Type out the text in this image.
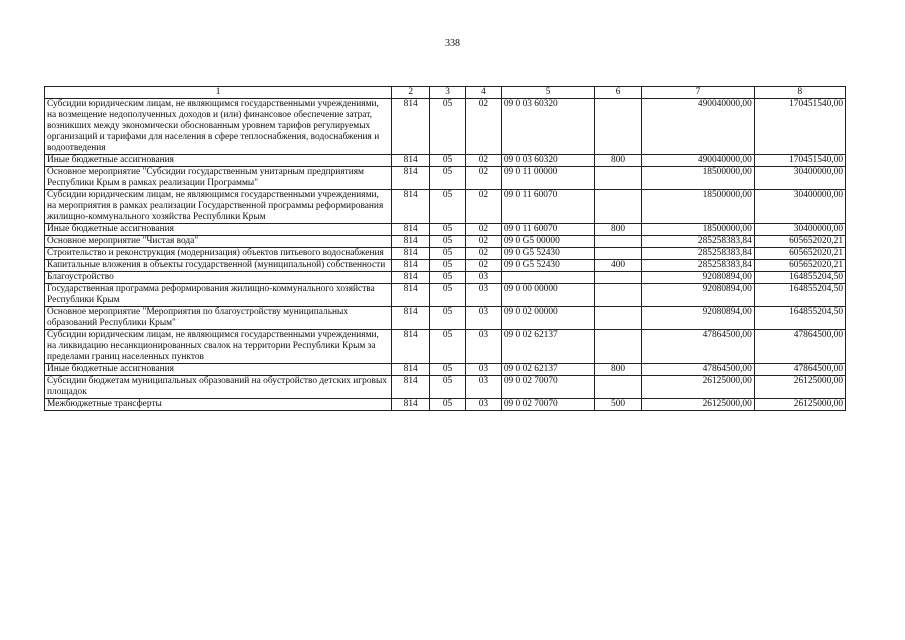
338
1	2	3	4	5	6	7	8
Субсидии юридическим лицам, не являющимся государственными учреждениями, на возмещение недополученных доходов и (или) финансовое обеспечение затрат, возникших между экономически обоснованным уровнем тарифов регулируемых организаций и тарифами для населения в сфере теплоснабжения, водоснабжения и водоотведения	814	05	02	09 0 03 60320		490040000,00	170451540,00
Иные бюджетные ассигнования	814	05	02	09 0 03 60320	800	490040000,00	170451540,00
Основное мероприятие "Субсидии государственным унитарным предприятиям Республики Крым в рамках реализации Программы"	814	05	02	09 0 11 00000		18500000,00	30400000,00
Субсидии юридическим лицам, не являющимся государственными учреждениями, на мероприятия в рамках реализации Государственной программы реформирования жилищно-коммунального хозяйства Республики Крым	814	05	02	09 0 11 60070		18500000,00	30400000,00
Иные бюджетные ассигнования	814	05	02	09 0 11 60070	800	18500000,00	30400000,00
Основное мероприятие "Чистая вода"	814	05	02	09 0 G5 00000		285258383,84	605652020,21
Строительство и реконструкция (модернизация) объектов питьевого водоснабжения	814	05	02	09 0 G5 52430		285258383,84	605652020,21
Капитальные вложения в объекты государственной (муниципальной) собственности	814	05	02	09 0 G5 52430	400	285258383,84	605652020,21
Благоустройство	814	05	03			92080894,00	164855204,50
Государственная программа реформирования жилищно-коммунального хозяйства Республики Крым	814	05	03	09 0 00 00000		92080894,00	164855204,50
Основное мероприятие "Мероприятия по благоустройству муниципальных образований Республики Крым"	814	05	03	09 0 02 00000		92080894,00	164855204,50
Субсидии юридическим лицам, не являющимся государственными учреждениями, на ликвидацию несанкционированных свалок на территории Республики Крым за пределами границ населенных пунктов	814	05	03	09 0 02 62137		47864500,00	47864500,00
Иные бюджетные ассигнования	814	05	03	09 0 02 62137	800	47864500,00	47864500,00
Субсидии бюджетам муниципальных образований на обустройство детских игровых площадок	814	05	03	09 0 02 70070		26125000,00	26125000,00
Межбюджетные трансферты	814	05	03	09 0 02 70070	500	26125000,00	26125000,00
